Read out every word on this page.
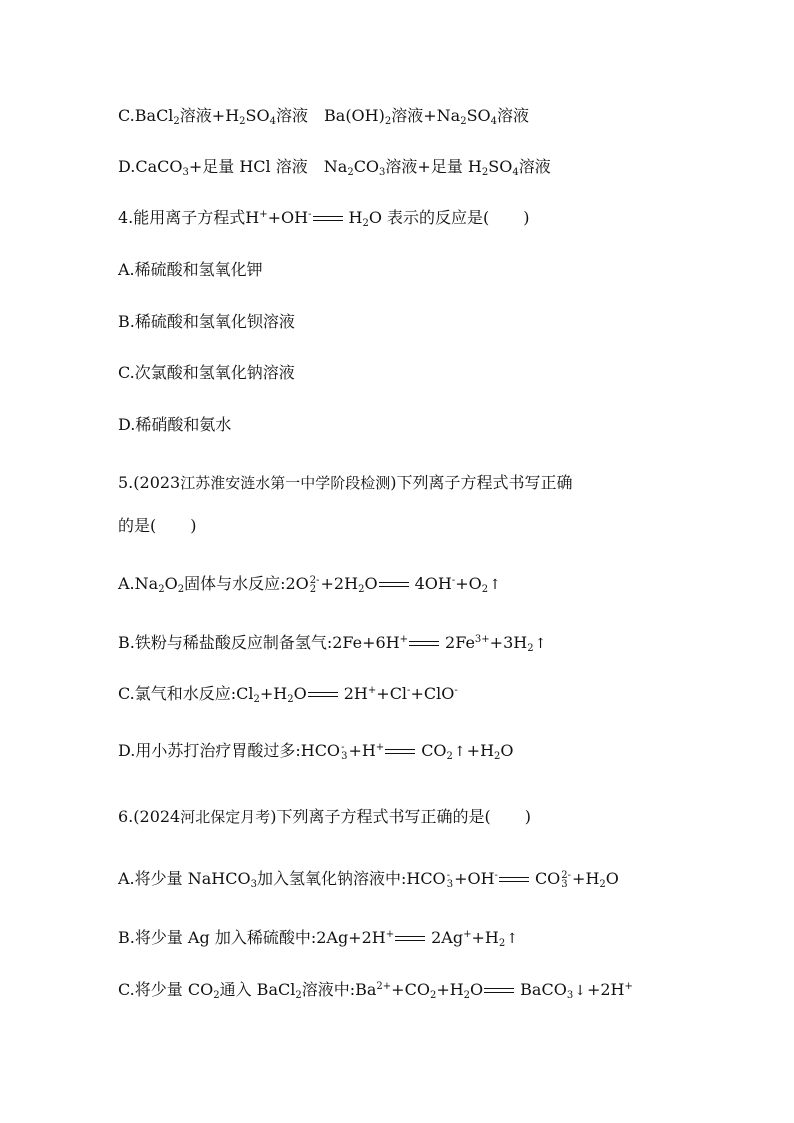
C.BaCl$_2$溶液$+H_2SO_4$溶液 $Ba(OH)_2$溶液$+Na_2SO_4$溶液
D.CaCO$_3$+足量 HCl 溶液 $Na_2CO_3$溶液+足量 $H_2SO_4$溶液
4.能用离子方程式H++OH- $H_2O$ 表示的反应是( )
A.稀硫酸和氢氧化钾
B.稀硫酸和氢氧化钡溶液
C.次氯酸和氢氧化钠溶液
D.稀硝酸和氨水
5.(2023江苏淮安涟水第一中学阶段检测)下列离子方程式书写正确
的是( )
$A.Na_2O_2$固体与水反应:2O 2-
$2 +2H_2O$ $4OH^-+O_2↑$
B.铁粉与稀盐酸反应制备氢气:2Fe+6H+ $2Fe^{3+}+3H_2↑$
C.氯气和水反应$:Cl_2+H_2O$ 2H++Cl-+ClO-
D.用小苏打治疗胃酸过多:HCO -
3 +H+ $CO_2↑+H_2O$
6.(2024河北保定月考)下列离子方程式书写正确的是( )
A.将少量 NaHCO$_3$加入氢氧化钠溶液中:HCO -
3 +OH- CO 2-
$3 +H_2O$
B.将少量 Ag 加入稀硫酸中:2Ag+2H+ $2Ag^++H_2↑$
C.将少量 $CO_2$通入 BaCl$_2$溶液中$:Ba^{2+}+CO_2+H_2O$ BaCO$_3$↓+2H+
